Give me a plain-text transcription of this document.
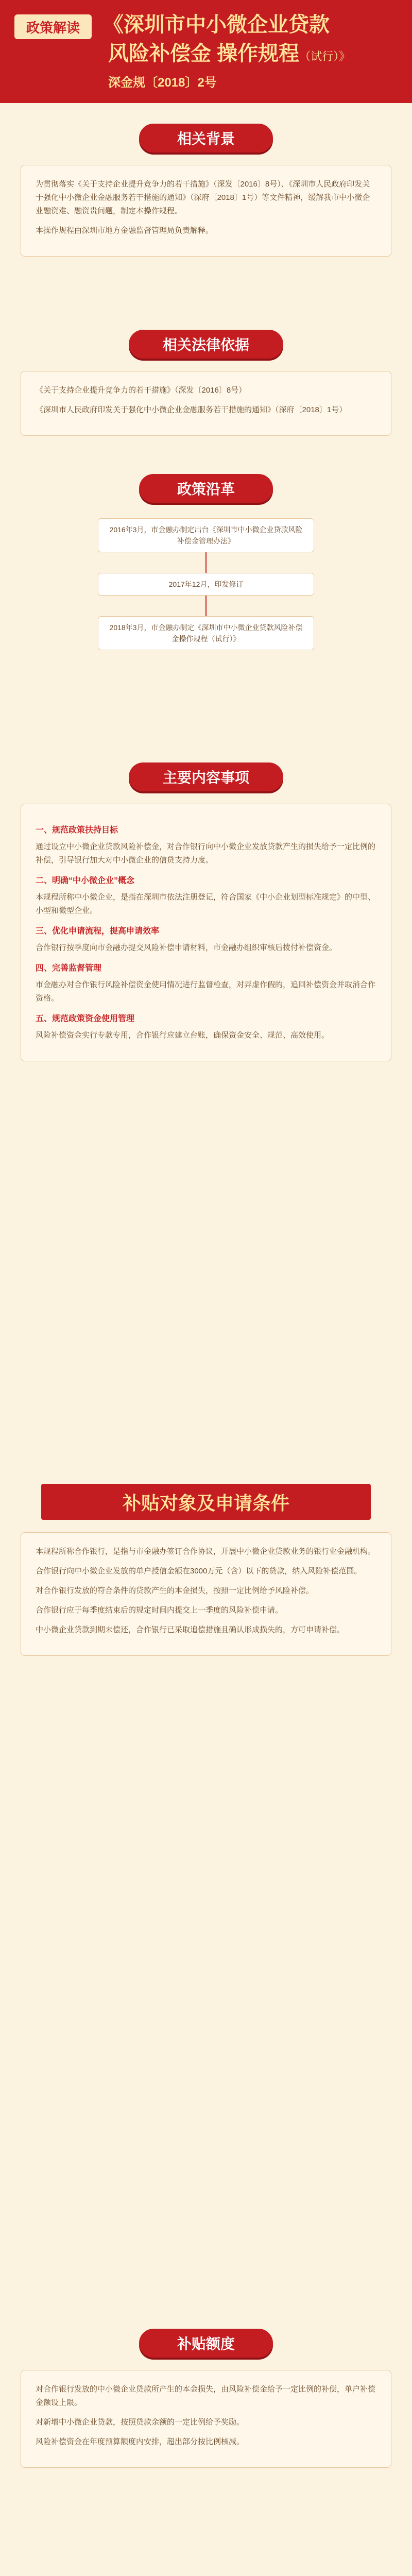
政策解读	《深圳市中小微企业贷款
风险补偿金 操作规程（试行）》
深金规〔2018〕2号
相关背景

为贯彻落实《关于支持企业提升竞争力的若干措施》（深发〔2016〕8号）、《深圳市人民政府印发关于强化中小微企业金融服务若干措施的通知》（深府〔2018〕1号）等文件精神，缓解我市中小微企业融资难、融资贵问题，制定本操作规程。

本操作规程由深圳市地方金融监督管理局负责解释。

相关法律依据

《关于支持企业提升竞争力的若干措施》（深发〔2016〕8号）

《深圳市人民政府印发关于强化中小微企业金融服务若干措施的通知》（深府〔2018〕1号）

政策沿革
2016年3月，市金融办制定出台《深圳市中小微企业贷款风险补偿金管理办法》
2017年12月，印发修订
2018年3月，市金融办制定《深圳市中小微企业贷款风险补偿金操作规程（试行）》
主要内容事项
一、规范政策扶持目标

通过设立中小微企业贷款风险补偿金，对合作银行向中小微企业发放贷款产生的损失给予一定比例的补偿，引导银行加大对中小微企业的信贷支持力度。

二、明确“中小微企业”概念

本规程所称中小微企业，是指在深圳市依法注册登记，符合国家《中小企业划型标准规定》的中型、小型和微型企业。

三、优化申请流程，提高申请效率

合作银行按季度向市金融办提交风险补偿申请材料，市金融办组织审核后拨付补偿资金。

四、完善监督管理

市金融办对合作银行风险补偿资金使用情况进行监督检查，对弄虚作假的，追回补偿资金并取消合作资格。

五、规范政策资金使用管理

风险补偿资金实行专款专用，合作银行应建立台账，确保资金安全、规范、高效使用。

补贴对象及申请条件

本规程所称合作银行，是指与市金融办签订合作协议，开展中小微企业贷款业务的银行业金融机构。

合作银行向中小微企业发放的单户授信金额在3000万元（含）以下的贷款，纳入风险补偿范围。

对合作银行发放的符合条件的贷款产生的本金损失，按照一定比例给予风险补偿。

合作银行应于每季度结束后的规定时间内提交上一季度的风险补偿申请。

中小微企业贷款到期未偿还，合作银行已采取追偿措施且确认形成损失的，方可申请补偿。

补贴额度

对合作银行发放的中小微企业贷款所产生的本金损失，由风险补偿金给予一定比例的补偿，单户补偿金额设上限。

对新增中小微企业贷款，按照贷款余额的一定比例给予奖励。

风险补偿资金在年度预算额度内安排，超出部分按比例核减。
